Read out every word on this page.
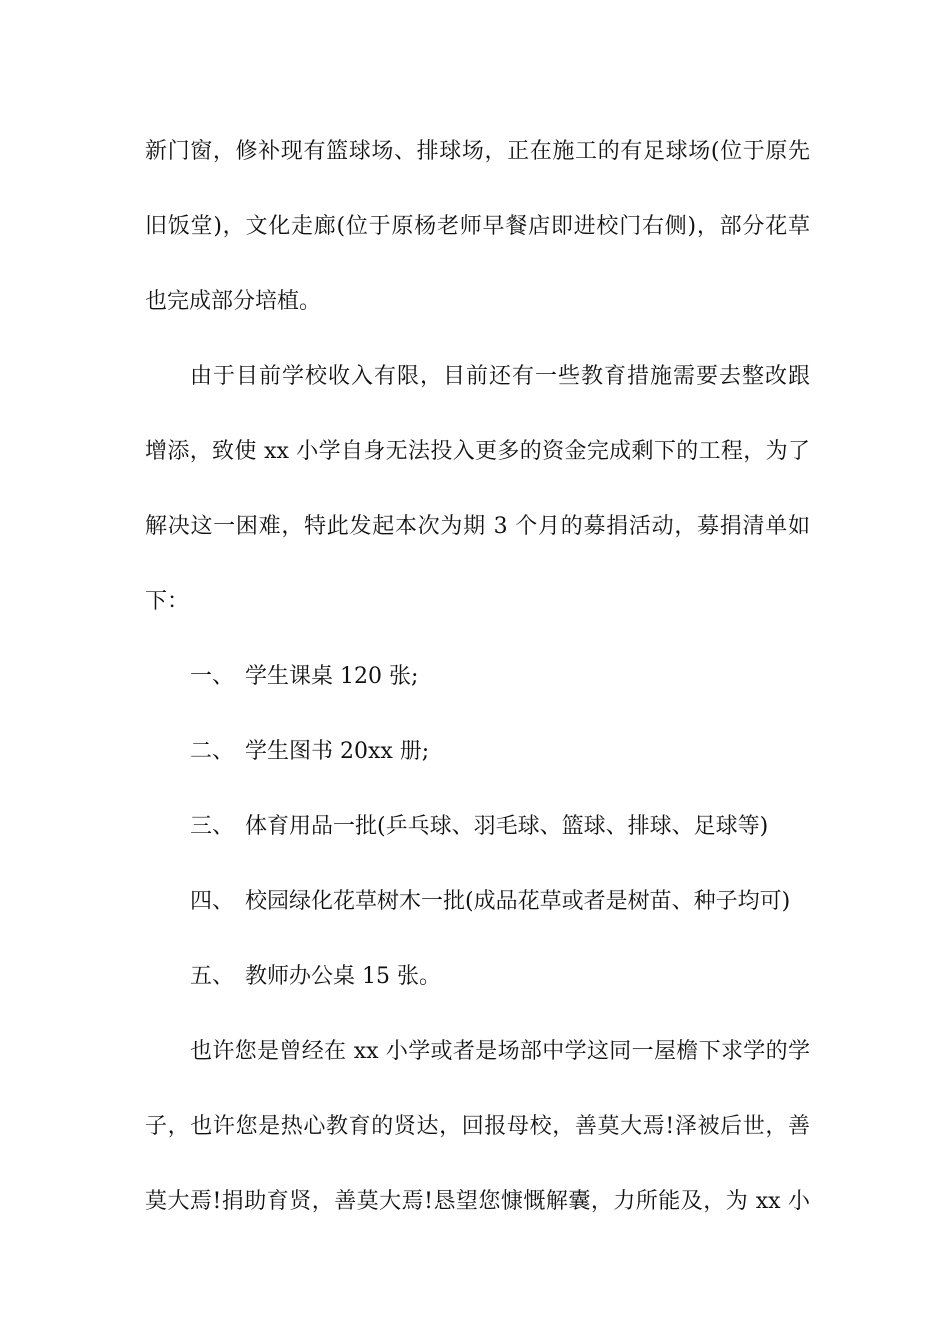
新门窗，修补现有篮球场、排球场，正在施工的有足球场(位于原先
旧饭堂)，文化走廊(位于原杨老师早餐店即进校门右侧)，部分花草
也完成部分培植。
由于目前学校收入有限，目前还有一些教育措施需要去整改跟
增添，致使 xx 小学自身无法投入更多的资金完成剩下的工程，为了
解决这一困难，特此发起本次为期 3 个月的募捐活动，募捐清单如
下：
一、 学生课桌 120 张;
二、 学生图书 20xx 册;
三、 体育用品一批(乒乓球、羽毛球、篮球、排球、足球等)
四、 校园绿化花草树木一批(成品花草或者是树苗、种子均可)
五、 教师办公桌 15 张。
也许您是曾经在 xx 小学或者是场部中学这同一屋檐下求学的学
子，也许您是热心教育的贤达，回报母校，善莫大焉!泽被后世，善
莫大焉!捐助育贤，善莫大焉!恳望您慷慨解囊，力所能及，为 xx 小
